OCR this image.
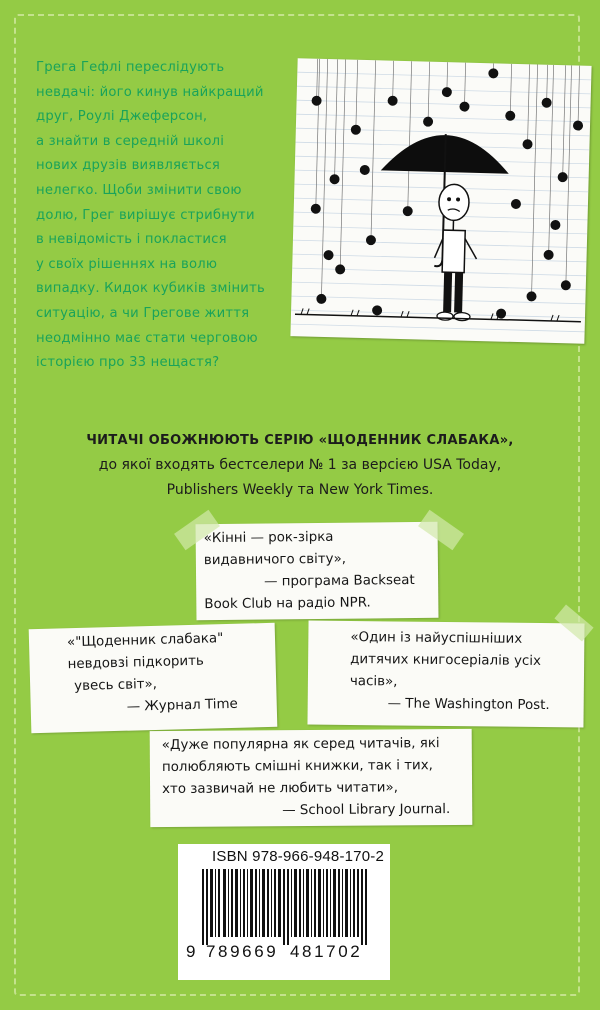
Грега Гефлі переслідують
невдачі: його кинув найкращий
друг, Роулі Джеферсон,
а знайти в середній школі
нових друзів виявляється
нелегко. Щоби змінити свою
долю, Грег вирішує стрибнути
в невідомість і покластися
у своїх рішеннях на волю
випадку. Кидок кубиків змінить
ситуацію, а чи Грегове життя
неодмінно має стати черговою
історією про 33 нещастя?
ЧИТАЧІ ОБОЖНЮЮТЬ СЕРІЮ «ЩОДЕННИК СЛАБАКА»,
до якої входять бестселери № 1 за версією USA Today,
Publishers Weekly та New York Times.
«Кінні — рок-зірка
видавничого світу»,
— програма Backseat
Book Club на радіо NPR.
«"Щоденник слабака"
невдовзі підкорить
увесь світ»,
— Журнал Time
«Один із найуспішніших
дитячих книгосеріалів усіх
часів»,
— The Washington Post.
«Дуже популярна як серед читачів, які
полюбляють смішні книжки, так і тих,
хто зазвичай не любить читати»,
— School Library Journal.
ISBN 978-966-948-170-2
9 789669 481702
